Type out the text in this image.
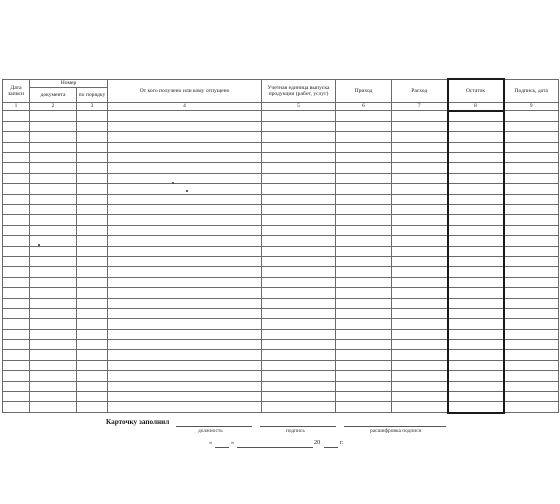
Дата записи	Номер		От кого получено или кому отпущено	Учетная единица выпуска продукции (работ, услуг)	Приход	Расход	Остаток	Подпись, дата
	документа	по порядку						
1	2	3	4	5	6	7	8	9

Карточку заполнил
должность	подпись	расшифровка подписи
«	»	20	г.
